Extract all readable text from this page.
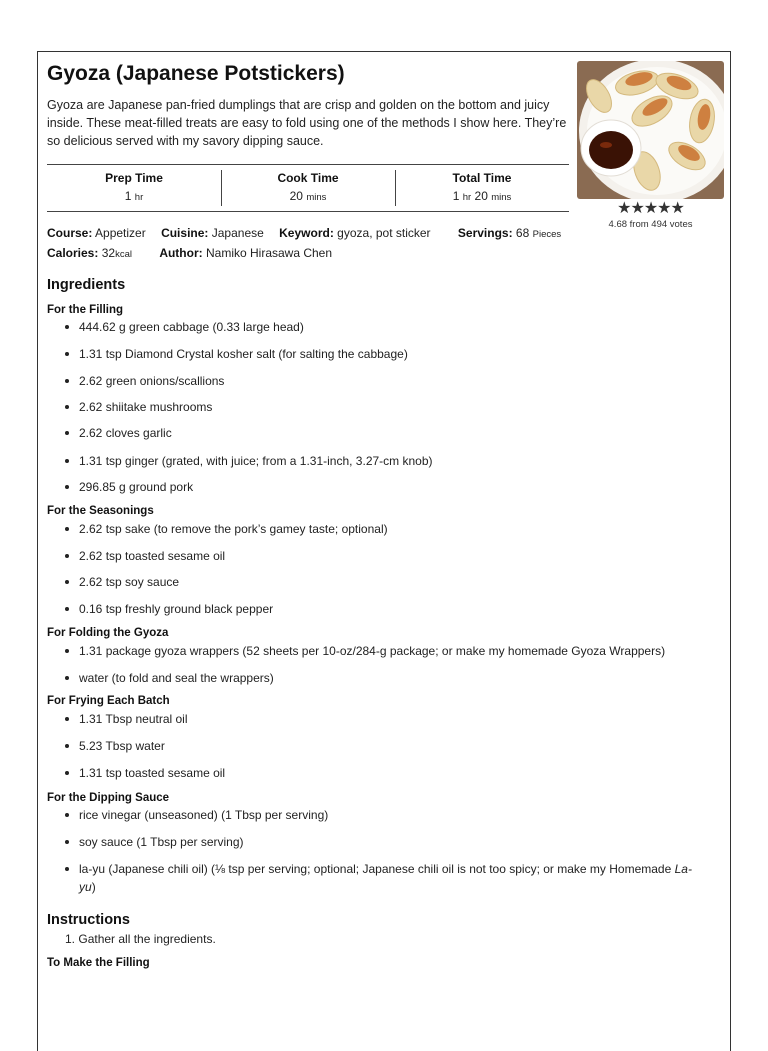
Gyoza (Japanese Potstickers)

Gyoza are Japanese pan-fried dumplings that are crisp and golden on the bottom and juicy inside. These meat-filled treats are easy to fold using one of the methods I show here. They’re so delicious served with my savory dipping sauce.

★★★★★
4.68 from 494 votes
Prep Time
1 hr
Cook Time
20 mins
Total Time
1 hr 20 mins
Course: Appetizer Cuisine: Japanese Keyword: gyoza, pot sticker Servings: 68 Pieces
Calories: 32kcal Author: Namiko Hirasawa Chen
Ingredients
For the Filling
444.62 g green cabbage (0.33 large head)
1.31 tsp Diamond Crystal kosher salt (for salting the cabbage)
2.62 green onions/scallions
2.62 shiitake mushrooms
2.62 cloves garlic
1.31 tsp ginger (grated, with juice; from a 1.31-inch, 3.27-cm knob)
296.85 g ground pork
For the Seasonings
2.62 tsp sake (to remove the pork’s gamey taste; optional)
2.62 tsp toasted sesame oil
2.62 tsp soy sauce
0.16 tsp freshly ground black pepper
For Folding the Gyoza
1.31 package gyoza wrappers (52 sheets per 10-oz/284-g package; or make my homemade Gyoza Wrappers)
water (to fold and seal the wrappers)
For Frying Each Batch
1.31 Tbsp neutral oil
5.23 Tbsp water
1.31 tsp toasted sesame oil
For the Dipping Sauce
rice vinegar (unseasoned) (1 Tbsp per serving)
soy sauce (1 Tbsp per serving)
la-yu (Japanese chili oil) (⅛ tsp per serving; optional; Japanese chili oil is not too spicy; or make my Homemade La-
yu)
Instructions
1. Gather all the ingredients.
To Make the Filling
